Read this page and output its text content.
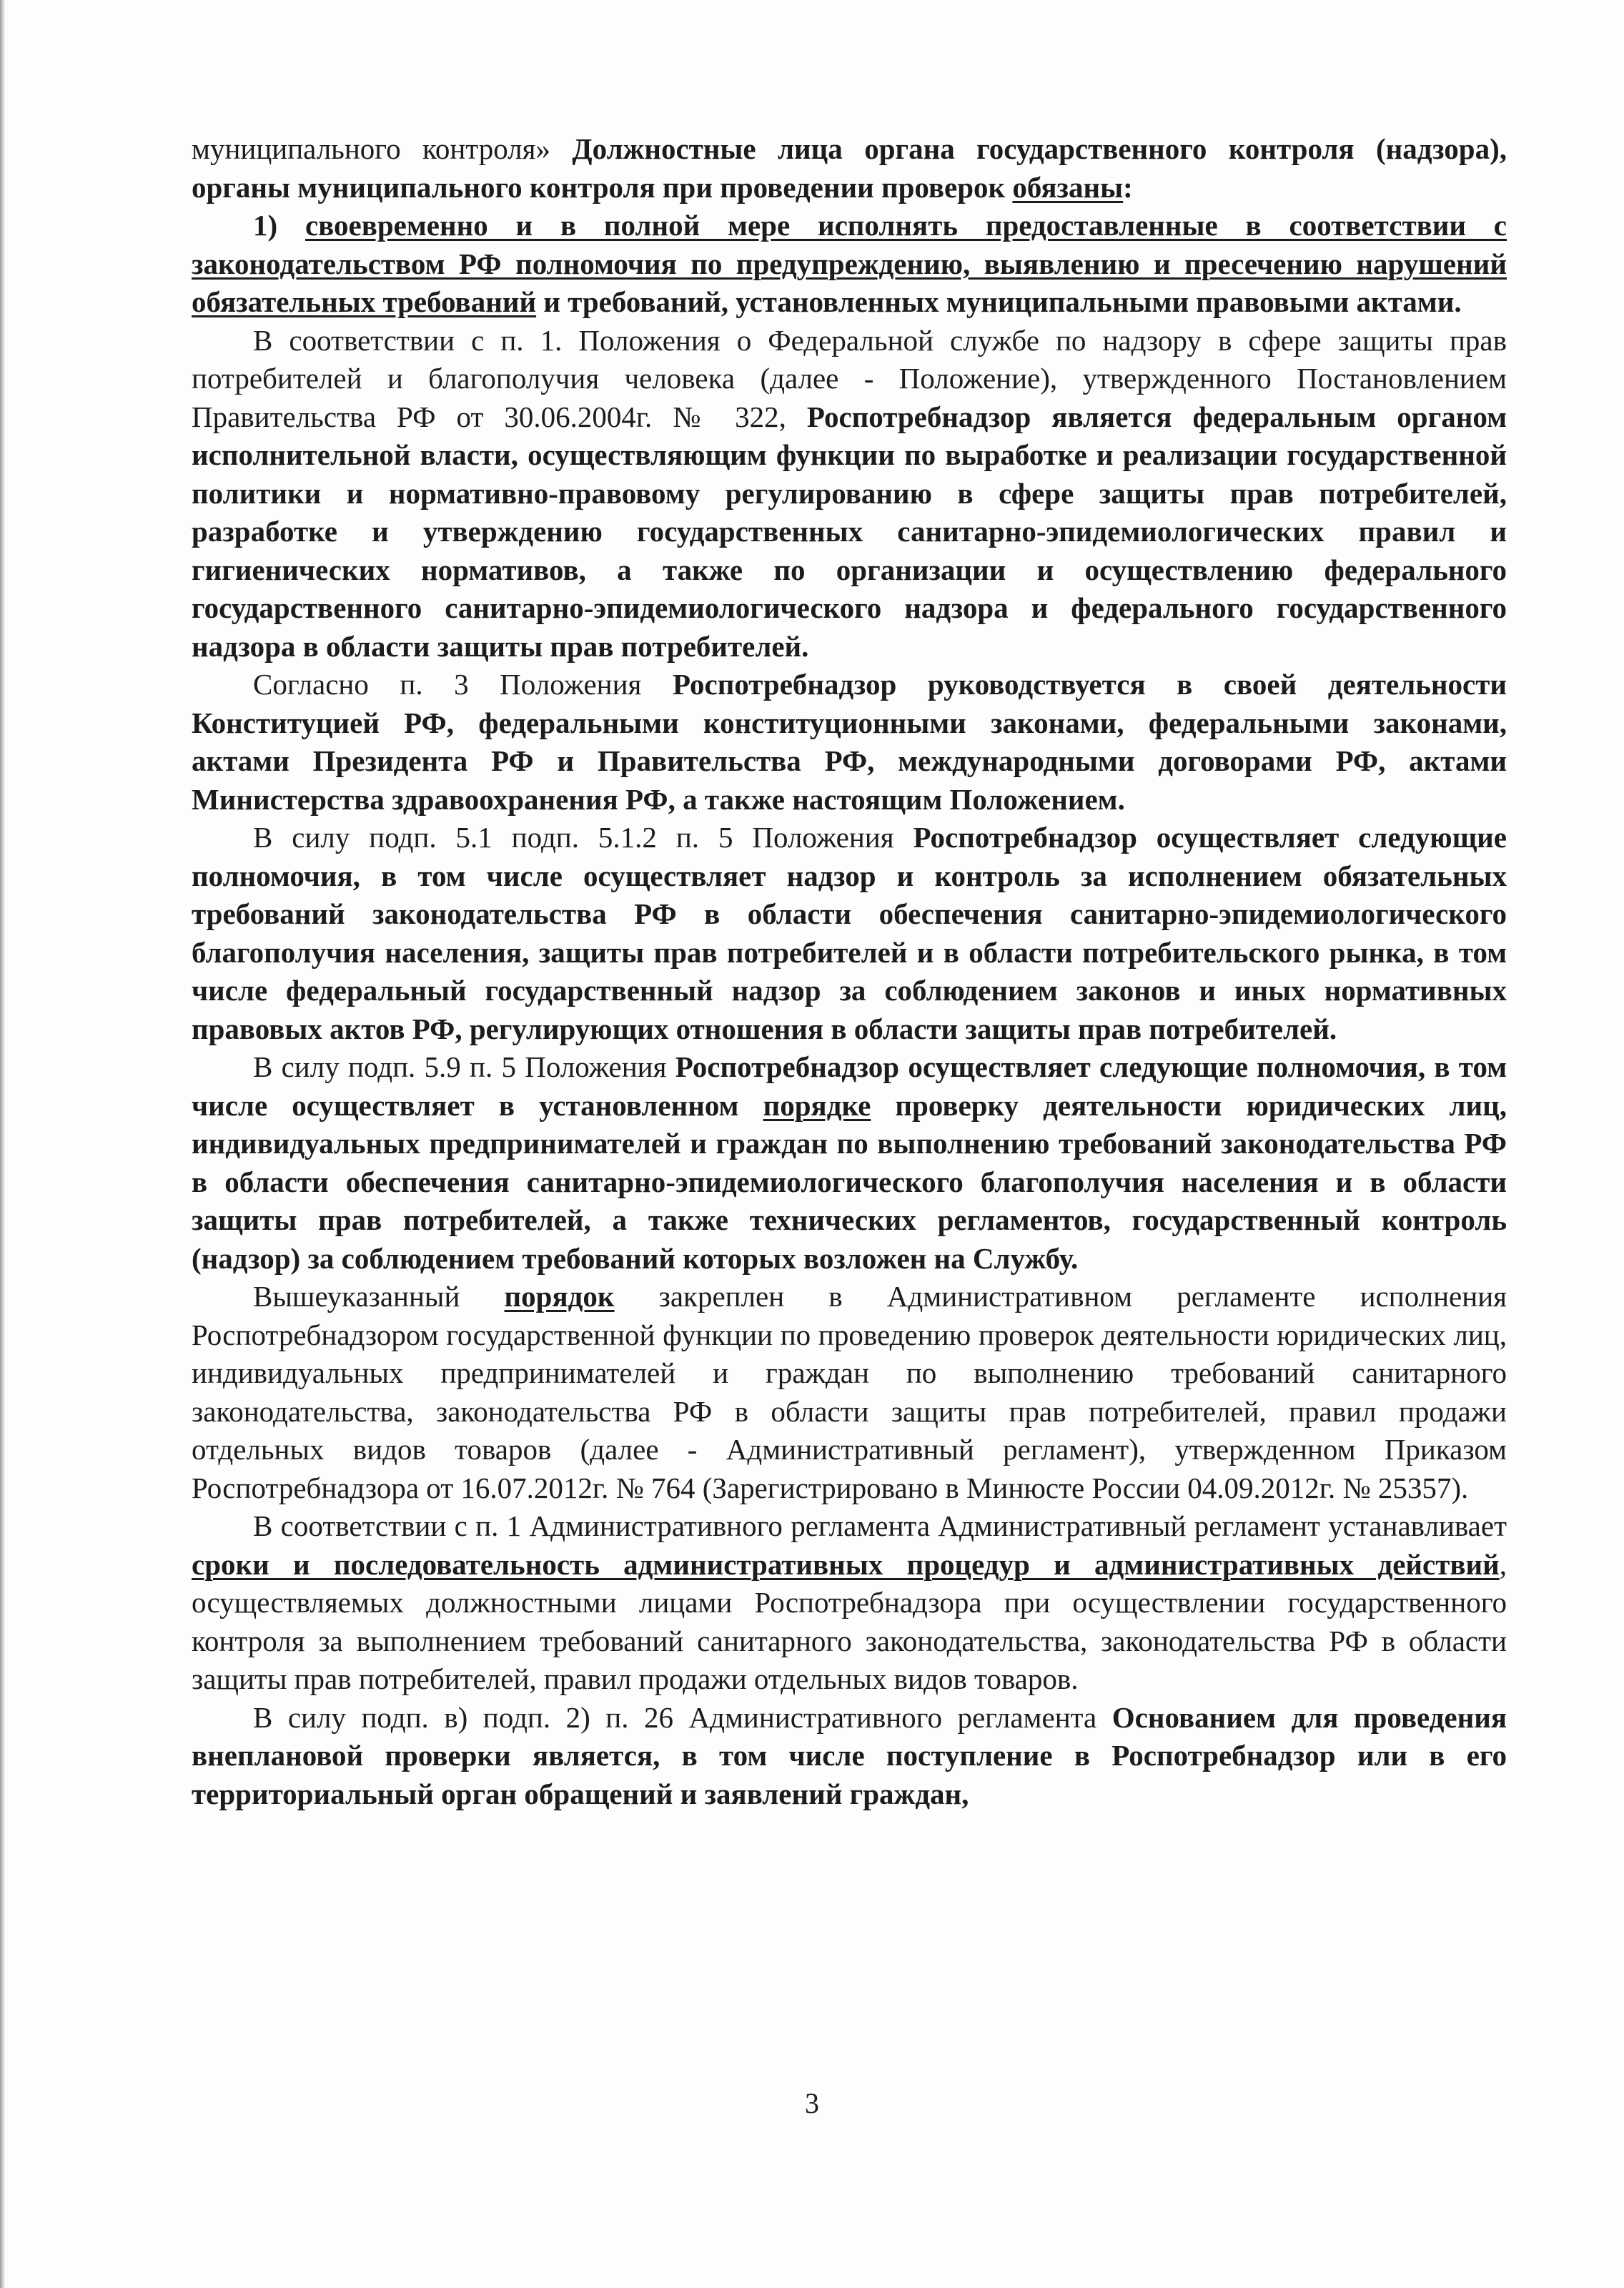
муниципального контроля» Должностные лица органа государственного контроля (надзора), органы муниципального контроля при проведении проверок обязаны:

1) своевременно и в полной мере исполнять предоставленные в соответствии с законодательством РФ полномочия по предупреждению, выявлению и пресечению нарушений обязательных требований и требований, установленных муниципальными правовыми актами.

В соответствии с п. 1. Положения о Федеральной службе по надзору в сфере защиты прав потребителей и благополучия человека (далее - Положение), утвержденного Постановлением Правительства РФ от 30.06.2004г. № 322, Роспотребнадзор является федеральным органом исполнительной власти, осуществляющим функции по выработке и реализации государственной политики и нормативно-правовому регулированию в сфере защиты прав потребителей, разработке и утверждению государственных санитарно-эпидемиологических правил и гигиенических нормативов, а также по организации и осуществлению федерального государственного санитарно-эпидемиологического надзора и федерального государственного надзора в области защиты прав потребителей.

Согласно п. 3 Положения Роспотребнадзор руководствуется в своей деятельности Конституцией РФ, федеральными конституционными законами, федеральными законами, актами Президента РФ и Правительства РФ, международными договорами РФ, актами Министерства здравоохранения РФ, а также настоящим Положением.

В силу подп. 5.1 подп. 5.1.2 п. 5 Положения Роспотребнадзор осуществляет следующие полномочия, в том числе осуществляет надзор и контроль за исполнением обязательных требований законодательства РФ в области обеспечения санитарно-эпидемиологического благополучия населения, защиты прав потребителей и в области потребительского рынка, в том числе федеральный государственный надзор за соблюдением законов и иных нормативных правовых актов РФ, регулирующих отношения в области защиты прав потребителей.

В силу подп. 5.9 п. 5 Положения Роспотребнадзор осуществляет следующие полномочия, в том числе осуществляет в установленном порядке проверку деятельности юридических лиц, индивидуальных предпринимателей и граждан по выполнению требований законодательства РФ в области обеспечения санитарно-эпидемиологического благополучия населения и в области защиты прав потребителей, а также технических регламентов, государственный контроль (надзор) за соблюдением требований которых возложен на Службу.

Вышеуказанный порядок закреплен в Административном регламенте исполнения Роспотребнадзором государственной функции по проведению проверок деятельности юридических лиц, индивидуальных предпринимателей и граждан по выполнению требований санитарного законодательства, законодательства РФ в области защиты прав потребителей, правил продажи отдельных видов товаров (далее - Административный регламент), утвержденном Приказом Роспотребнадзора от 16.07.2012г. № 764 (Зарегистрировано в Минюсте России 04.09.2012г. № 25357).

В соответствии с п. 1 Административного регламента Административный регламент устанавливает сроки и последовательность административных процедур и административных действий, осуществляемых должностными лицами Роспотребнадзора при осуществлении государственного контроля за выполнением требований санитарного законодательства, законодательства РФ в области защиты прав потребителей, правил продажи отдельных видов товаров.

В силу подп. в) подп. 2) п. 26 Административного регламента Основанием для проведения внеплановой проверки является, в том числе поступление в Роспотребнадзор или в его территориальный орган обращений и заявлений граждан,

3
